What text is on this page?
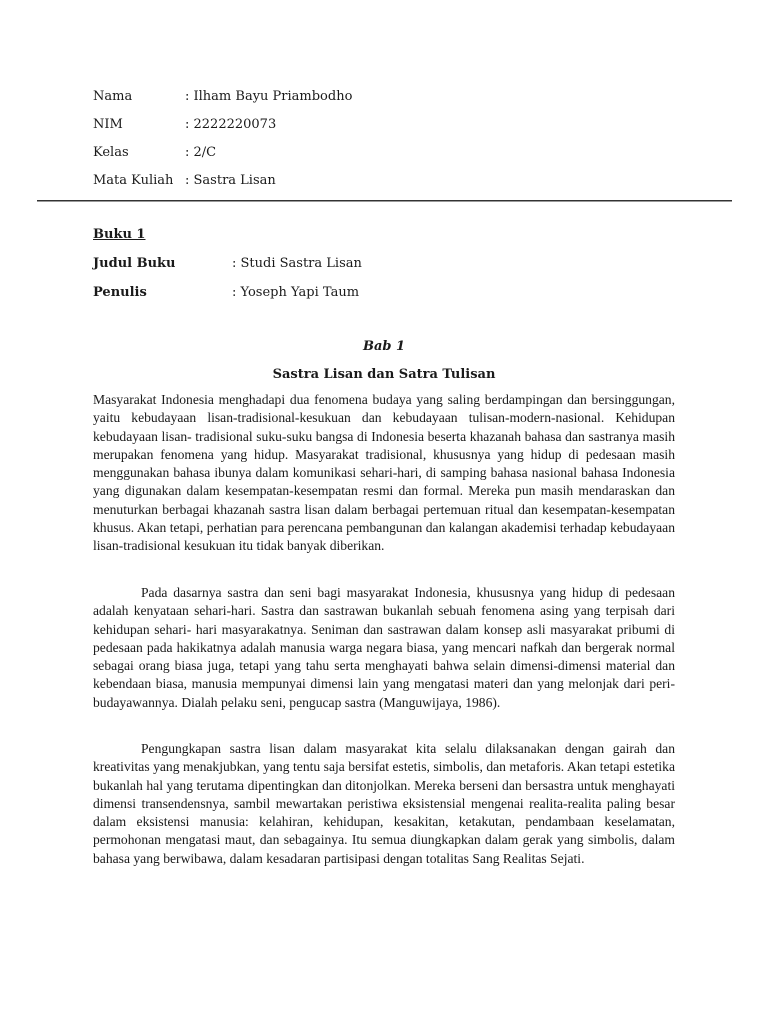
Nama	: Ilham Bayu Priambodho
NIM	: 2222220073
Kelas	: 2/C
Mata Kuliah : Sastra Lisan
Buku 1
Judul Buku	: Studi Sastra Lisan
Penulis	: Yoseph Yapi Taum
Bab 1
Sastra Lisan dan Satra Tulisan

Masyarakat Indonesia menghadapi dua fenomena budaya yang saling berdampingan dan bersinggungan, yaitu kebudayaan lisan-tradisional-kesukuan dan kebudayaan tulisan-modern-nasional. Kehidupan kebudayaan lisan- tradisional suku-suku bangsa di Indonesia beserta khazanah bahasa dan sastranya masih merupakan fenomena yang hidup. Masyarakat tradisional, khususnya yang hidup di pedesaan masih menggunakan bahasa ibunya dalam komunikasi sehari-hari, di samping bahasa nasional bahasa Indonesia yang digunakan dalam kesempatan-kesempatan resmi dan formal. Mereka pun masih mendaraskan dan menuturkan berbagai khazanah sastra lisan dalam berbagai pertemuan ritual dan kesempatan-kesempatan khusus. Akan tetapi, perhatian para perencana pembangunan dan kalangan akademisi terhadap kebudayaan lisan-tradisional kesukuan itu tidak banyak diberikan.

Pada dasarnya sastra dan seni bagi masyarakat Indonesia, khususnya yang hidup di pedesaan adalah kenyataan sehari-hari. Sastra dan sastrawan bukanlah sebuah fenomena asing yang terpisah dari kehidupan sehari- hari masyarakatnya. Seniman dan sastrawan dalam konsep asli masyarakat pribumi di pedesaan pada hakikatnya adalah manusia warga negara biasa, yang mencari nafkah dan bergerak normal sebagai orang biasa juga, tetapi yang tahu serta menghayati bahwa selain dimensi-dimensi material dan kebendaan biasa, manusia mempunyai dimensi lain yang mengatasi materi dan yang melonjak dari peri- budayawannya. Dialah pelaku seni, pengucap sastra (Manguwijaya, 1986).

Pengungkapan sastra lisan dalam masyarakat kita selalu dilaksanakan dengan gairah dan kreativitas yang menakjubkan, yang tentu saja bersifat estetis, simbolis, dan metaforis. Akan tetapi estetika bukanlah hal yang terutama dipentingkan dan ditonjolkan. Mereka berseni dan bersastra untuk menghayati dimensi transendensnya, sambil mewartakan peristiwa eksistensial mengenai realita-realita paling besar dalam eksistensi manusia: kelahiran, kehidupan, kesakitan, ketakutan, pendambaan keselamatan, permohonan mengatasi maut, dan sebagainya. Itu semua diungkapkan dalam gerak yang simbolis, dalam bahasa yang berwibawa, dalam kesadaran partisipasi dengan totalitas Sang Realitas Sejati.
